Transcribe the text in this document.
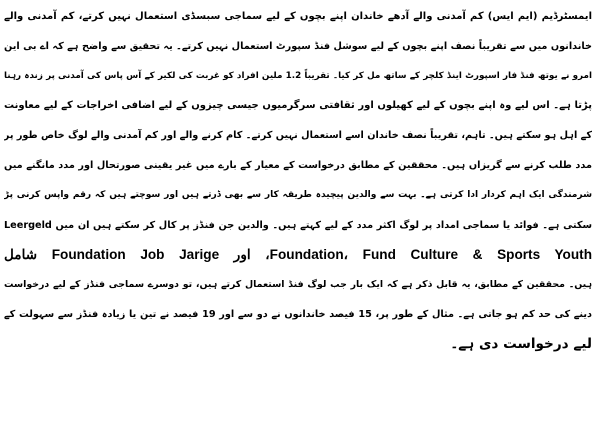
ایمسٹرڈیم (ایم ایس) کم آمدنی والے آدھے خاندان اپنے بچوں کے لیے سماجی سبسڈی استعمال نہیں کرتے، کم آمدنی والے
خاندانوں میں سے تقریباً نصف اپنے بچوں کے لیے سوشل فنڈ سپورٹ استعمال نہیں کرتے۔ یہ تحقیق سے واضح ہے کہ اے بی این
امرو نے یوتھ فنڈ فار اسپورٹ اینڈ کلچر کے ساتھ مل کر کیا۔ تقریباً 1.2 ملین افراد کو غربت کی لکیر کے آس پاس کی آمدنی پر زندہ رہنا
پڑتا ہے۔ اس لیے وہ اپنے بچوں کے لیے کھیلوں اور ثقافتی سرگرمیوں جیسی چیزوں کے لیے اضافی اخراجات کے لیے معاونت
کے اہل ہو سکتے ہیں۔ تاہم، تقریباً نصف خاندان اسے استعمال نہیں کرتے۔ کام کرنے والے اور کم آمدنی والے لوگ خاص طور پر
مدد طلب کرنے سے گریزاں ہیں۔ محققین کے مطابق درخواست کے معیار کے بارے میں غیر یقینی صورتحال اور مدد مانگنے میں
شرمندگی ایک اہم کردار ادا کرتی ہے۔ بہت سے والدین پیچیدہ طریقہ کار سے بھی ڈرتے ہیں اور سوچتے ہیں کہ رقم واپس کرنی پڑ
سکتی ہے۔ فوائد یا سماجی امداد پر لوگ اکثر مدد کے لیے کہتے ہیں۔ والدین جن فنڈز پر کال کر سکتے ہیں ان میں Leergeld
Foundation، Fund Culture & Sports Youth، اور Foundation Job Jarige شامل
ہیں۔ محققین کے مطابق، یہ قابل ذکر ہے کہ ایک بار جب لوگ فنڈ استعمال کرتے ہیں، تو دوسرے سماجی فنڈز کے لیے درخواست
دینے کی حد کم ہو جاتی ہے۔ مثال کے طور پر، 15 فیصد خاندانوں نے دو سے اور 19 فیصد نے تین یا زیادہ فنڈز سے سہولت کے
لیے درخواست دی ہے۔
